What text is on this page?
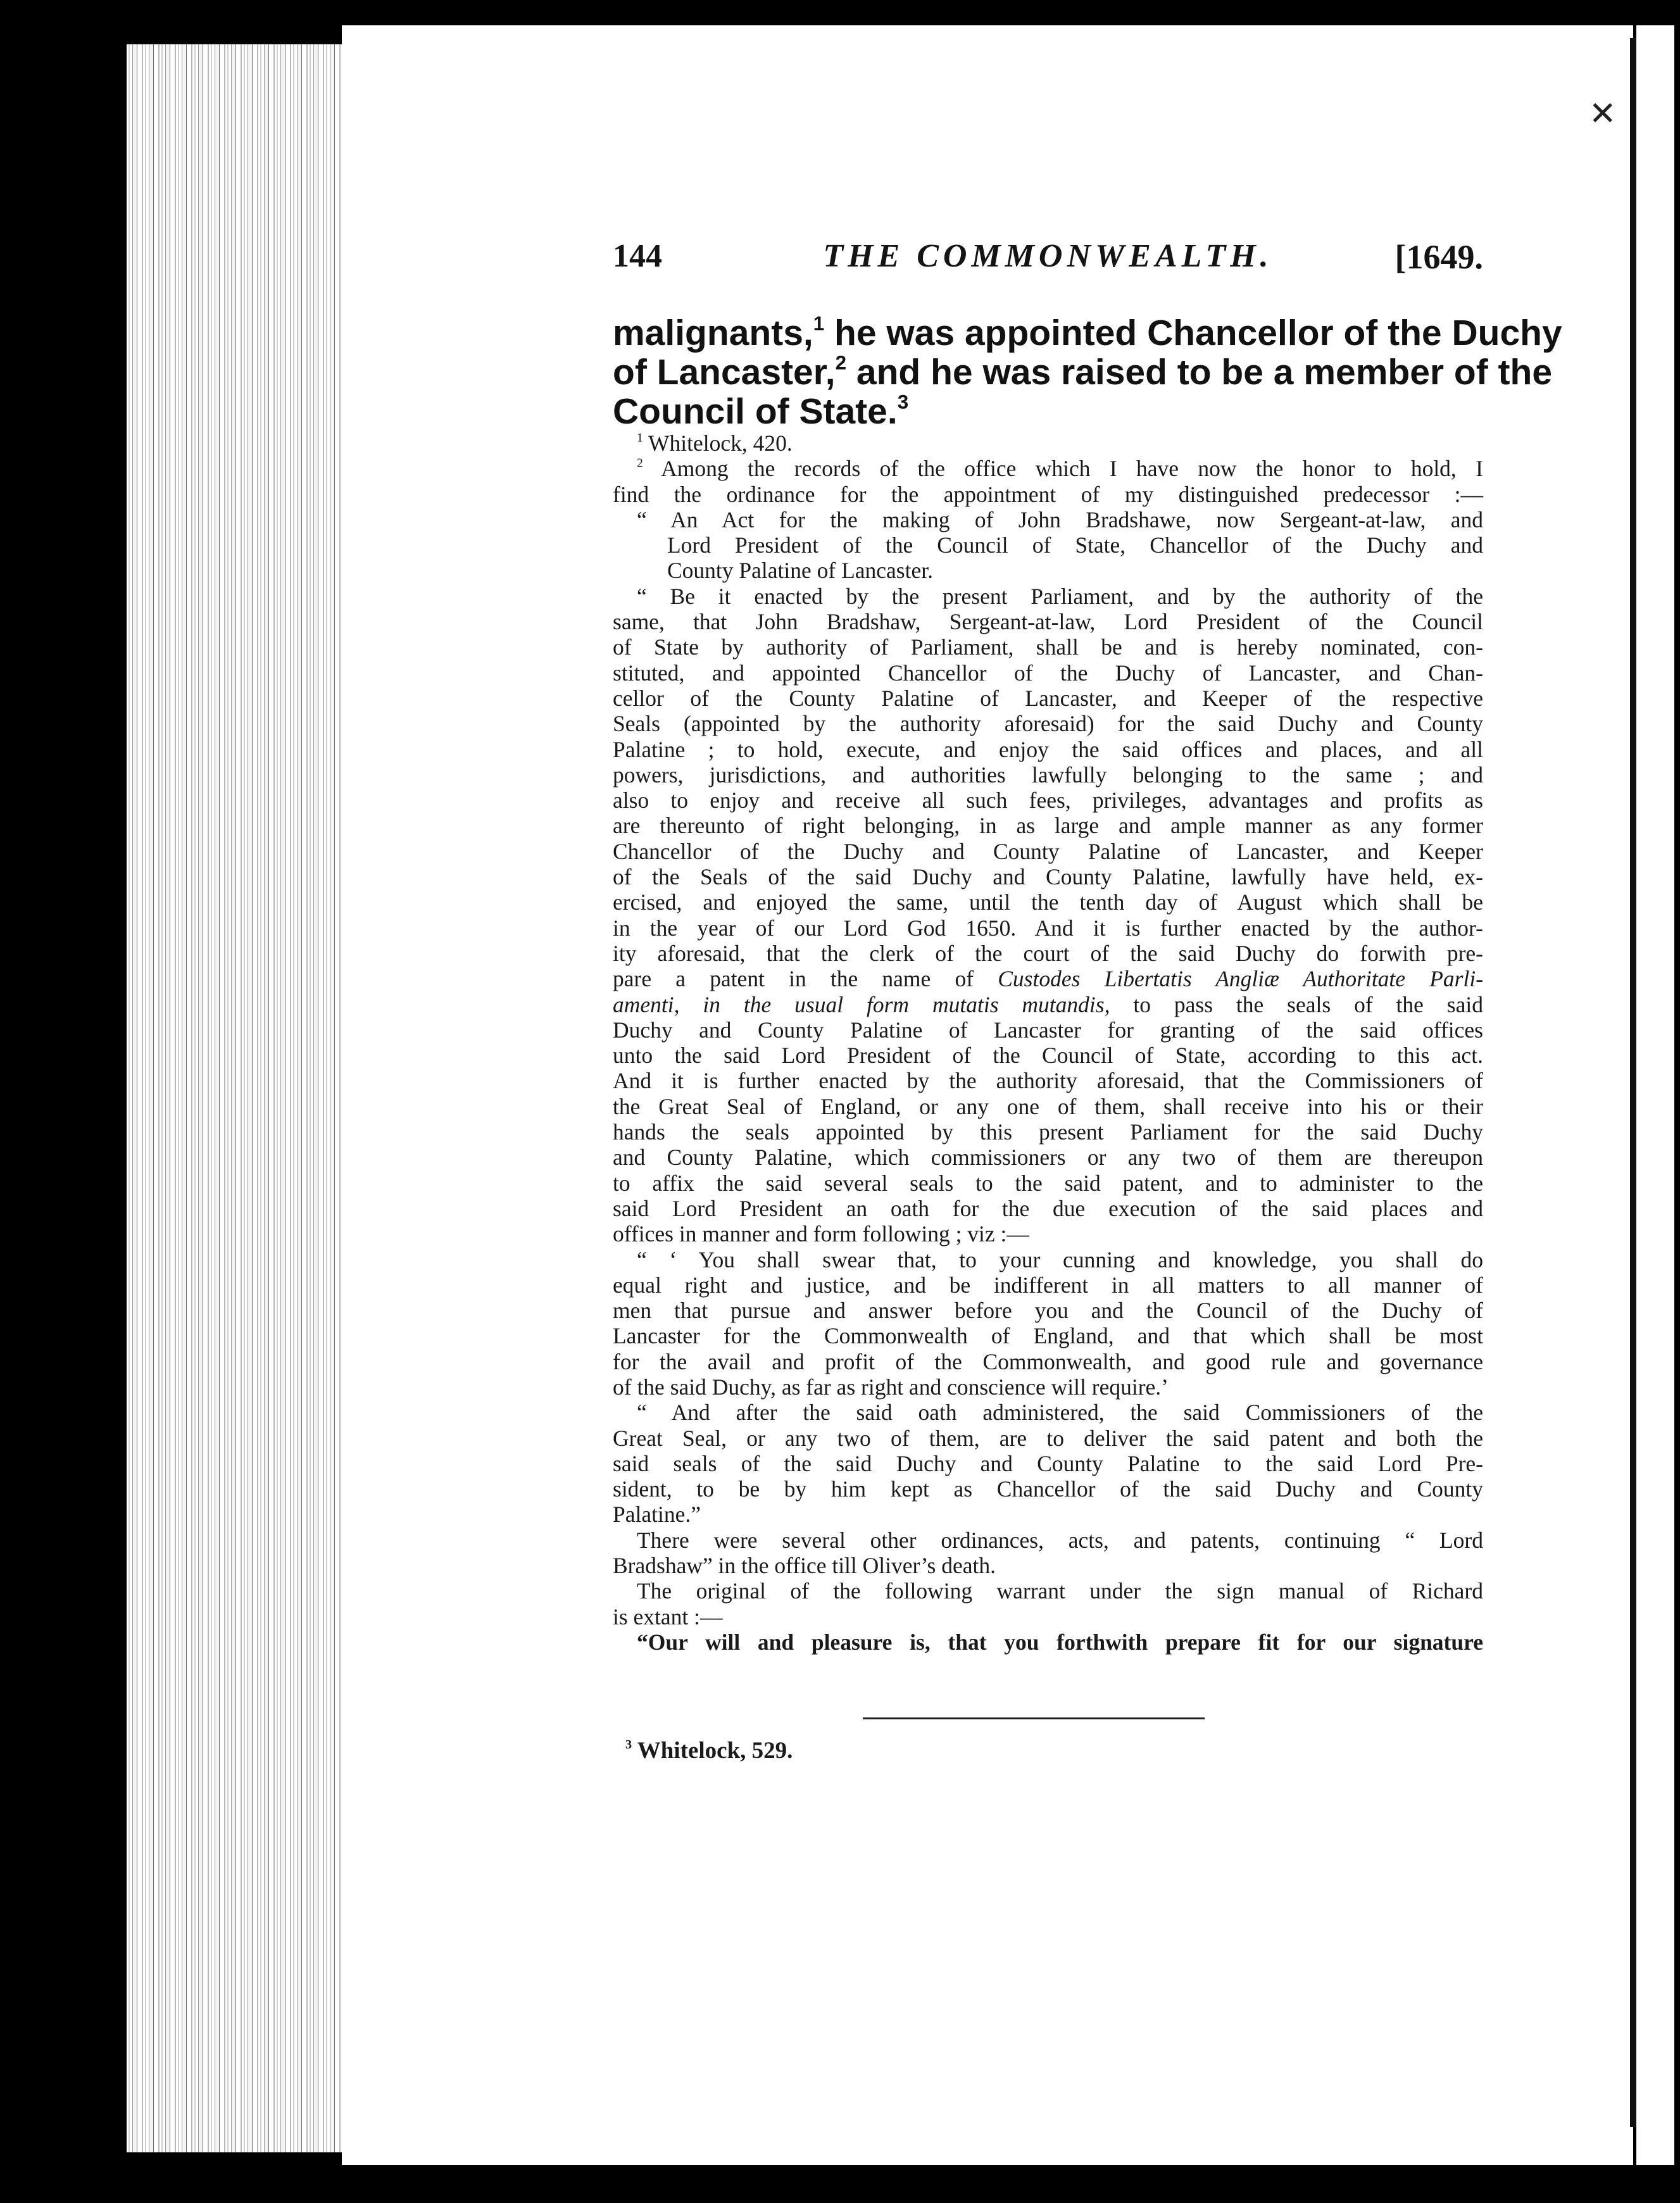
✕
144	THE COMMONWEALTH.	[1649.
malignants,$^1$ he was appointed Chancellor of the Duchy
of Lancaster,$^2$ and he was raised to be a member of the
Council of State.$^3$
$^1$ Whitelock, 420.
$^2$ Among the records of the office which I have now the honor to hold, I
find the ordinance for the appointment of my distinguished predecessor :—
“ An Act for the making of John Bradshawe, now Sergeant-at-law, and
Lord President of the Council of State, Chancellor of the Duchy and
County Palatine of Lancaster.
“ Be it enacted by the present Parliament, and by the authority of the
same, that John Bradshaw, Sergeant-at-law, Lord President of the Council
of State by authority of Parliament, shall be and is hereby nominated, con-
stituted, and appointed Chancellor of the Duchy of Lancaster, and Chan-
cellor of the County Palatine of Lancaster, and Keeper of the respective
Seals (appointed by the authority aforesaid) for the said Duchy and County
Palatine ; to hold, execute, and enjoy the said offices and places, and all
powers, jurisdictions, and authorities lawfully belonging to the same ; and
also to enjoy and receive all such fees, privileges, advantages and profits as
are thereunto of right belonging, in as large and ample manner as any former
Chancellor of the Duchy and County Palatine of Lancaster, and Keeper
of the Seals of the said Duchy and County Palatine, lawfully have held, ex-
ercised, and enjoyed the same, until the tenth day of August which shall be
in the year of our Lord God 1650. And it is further enacted by the author-
ity aforesaid, that the clerk of the court of the said Duchy do forwith pre-
pare a patent in the name of Custodes Libertatis Angliæ Authoritate Parli-
amenti, in the usual form mutatis mutandis, to pass the seals of the said
Duchy and County Palatine of Lancaster for granting of the said offices
unto the said Lord President of the Council of State, according to this act.
And it is further enacted by the authority aforesaid, that the Commissioners of
the Great Seal of England, or any one of them, shall receive into his or their
hands the seals appointed by this present Parliament for the said Duchy
and County Palatine, which commissioners or any two of them are thereupon
to affix the said several seals to the said patent, and to administer to the
said Lord President an oath for the due execution of the said places and
offices in manner and form following ; viz :—
“ ‘ You shall swear that, to your cunning and knowledge, you shall do
equal right and justice, and be indifferent in all matters to all manner of
men that pursue and answer before you and the Council of the Duchy of
Lancaster for the Commonwealth of England, and that which shall be most
for the avail and profit of the Commonwealth, and good rule and governance
of the said Duchy, as far as right and conscience will require.’
“ And after the said oath administered, the said Commissioners of the
Great Seal, or any two of them, are to deliver the said patent and both the
said seals of the said Duchy and County Palatine to the said Lord Pre-
sident, to be by him kept as Chancellor of the said Duchy and County
Palatine.”
There were several other ordinances, acts, and patents, continuing “ Lord
Bradshaw” in the office till Oliver’s death.
The original of the following warrant under the sign manual of Richard
is extant :—
“Our will and pleasure is, that you forthwith prepare fit for our signature
$^3$ Whitelock, 529.
